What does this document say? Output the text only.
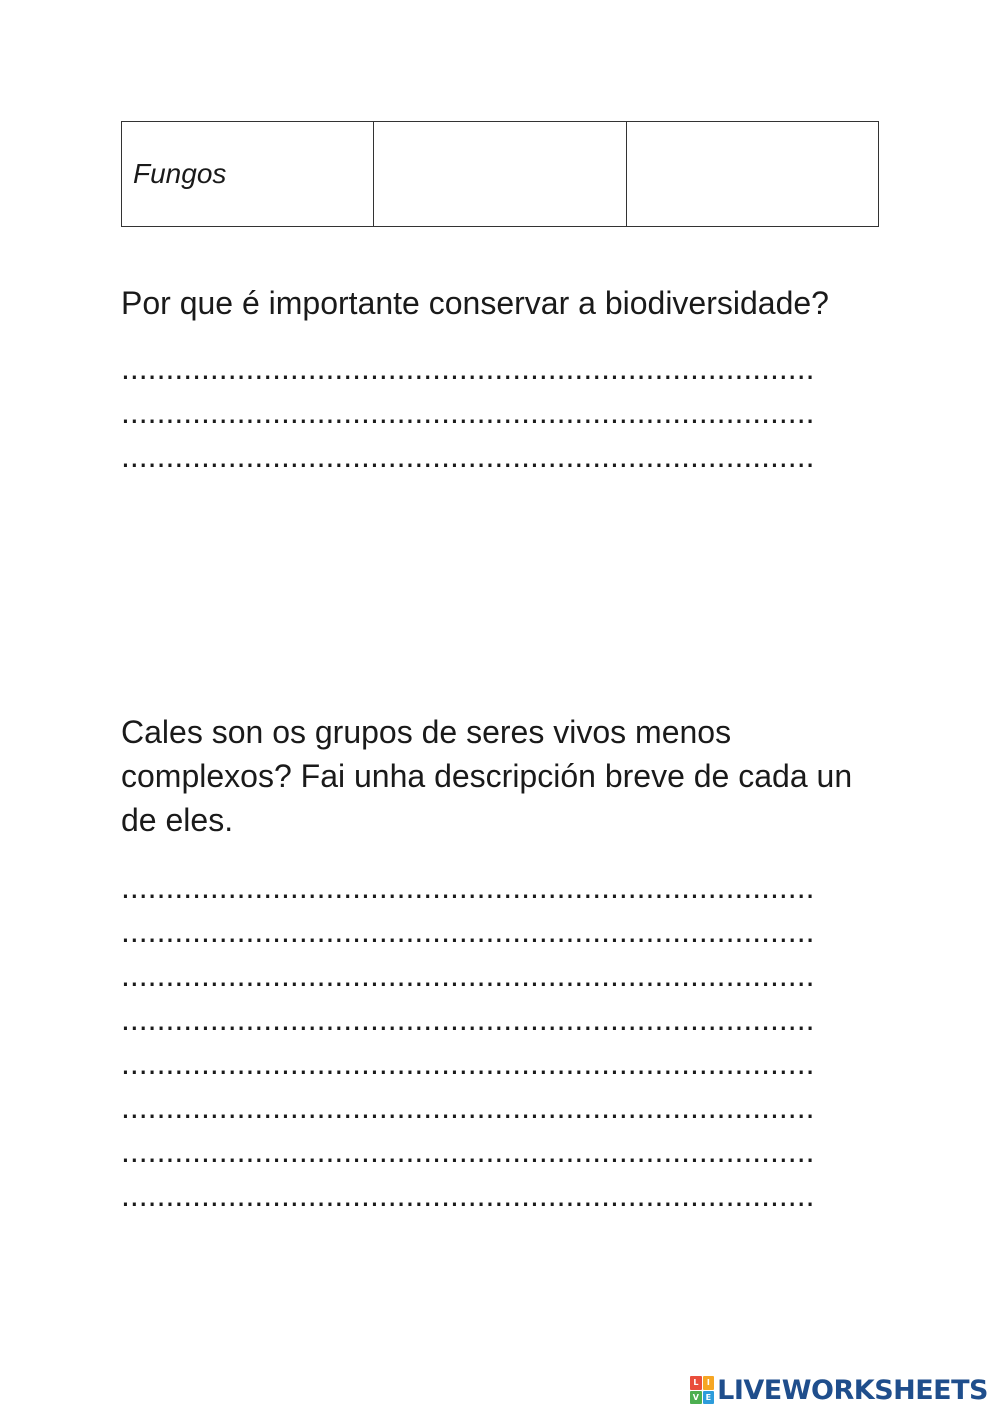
Fungos		

Por que é importante conservar a biodiversidade?

..............................................................................
..............................................................................
..............................................................................

Cales son os grupos de seres vivos menos complexos? Fai unha descripción breve de cada un de eles.

..............................................................................
..............................................................................
..............................................................................
..............................................................................
..............................................................................
..............................................................................
..............................................................................
..............................................................................
L	I
V E LIVEWORKSHEETS
